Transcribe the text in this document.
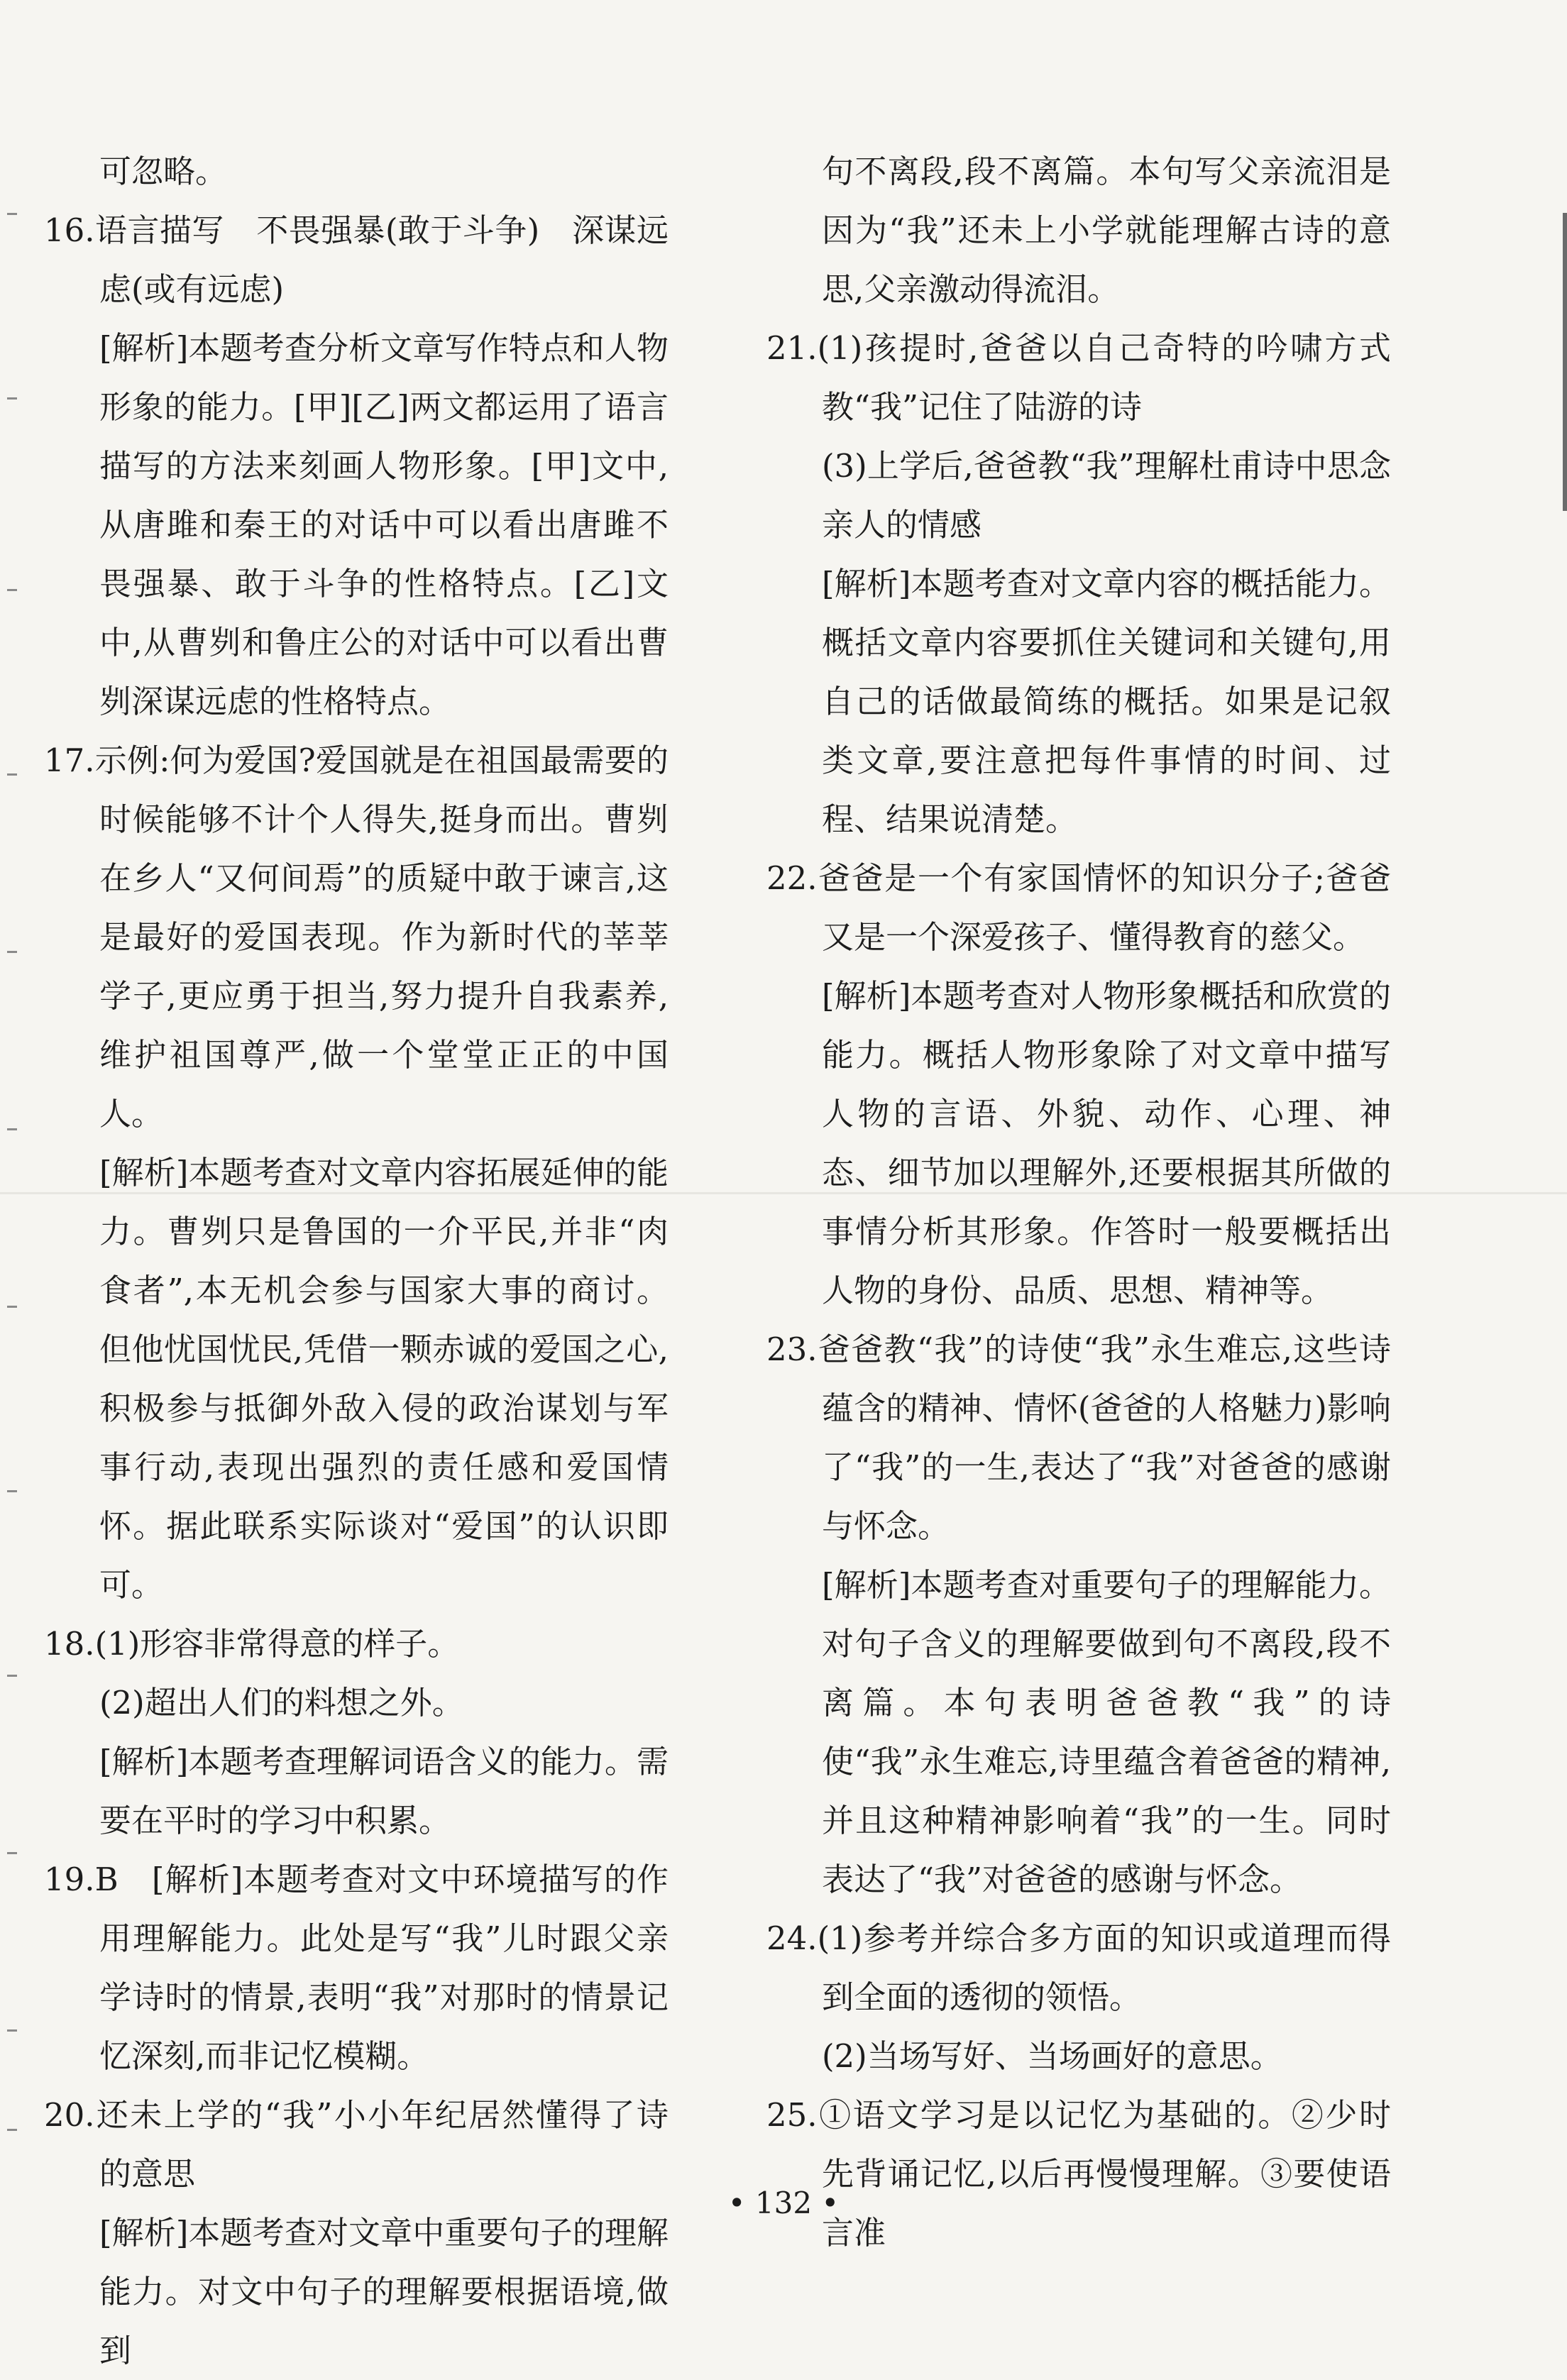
可忽略。

16.语言描写　不畏强暴(敢于斗争)　深谋远虑(或有远虑)

[解析]本题考查分析文章写作特点和人物形象的能力。[甲][乙]两文都运用了语言描写的方法来刻画人物形象。[甲]文中,从唐雎和秦王的对话中可以看出唐雎不畏强暴、敢于斗争的性格特点。[乙]文中,从曹刿和鲁庄公的对话中可以看出曹刿深谋远虑的性格特点。

17.示例:何为爱国?爱国就是在祖国最需要的时候能够不计个人得失,挺身而出。曹刿在乡人“又何间焉”的质疑中敢于谏言,这是最好的爱国表现。作为新时代的莘莘学子,更应勇于担当,努力提升自我素养,维护祖国尊严,做一个堂堂正正的中国人。

[解析]本题考查对文章内容拓展延伸的能力。曹刿只是鲁国的一介平民,并非“肉食者”,本无机会参与国家大事的商讨。但他忧国忧民,凭借一颗赤诚的爱国之心,积极参与抵御外敌入侵的政治谋划与军事行动,表现出强烈的责任感和爱国情怀。据此联系实际谈对“爱国”的认识即可。

18.(1)形容非常得意的样子。

(2)超出人们的料想之外。

[解析]本题考查理解词语含义的能力。需要在平时的学习中积累。

19.B　[解析]本题考查对文中环境描写的作用理解能力。此处是写“我”儿时跟父亲学诗时的情景,表明“我”对那时的情景记忆深刻,而非记忆模糊。

20.还未上学的“我”小小年纪居然懂得了诗的意思

[解析]本题考查对文章中重要句子的理解能力。对文中句子的理解要根据语境,做到

句不离段,段不离篇。本句写父亲流泪是因为“我”还未上小学就能理解古诗的意思,父亲激动得流泪。

21.(1)孩提时,爸爸以自己奇特的吟啸方式教“我”记住了陆游的诗

(3)上学后,爸爸教“我”理解杜甫诗中思念亲人的情感

[解析]本题考查对文章内容的概括能力。概括文章内容要抓住关键词和关键句,用自己的话做最简练的概括。如果是记叙类文章,要注意把每件事情的时间、过程、结果说清楚。

22.爸爸是一个有家国情怀的知识分子;爸爸又是一个深爱孩子、懂得教育的慈父。

[解析]本题考查对人物形象概括和欣赏的能力。概括人物形象除了对文章中描写人物的言语、外貌、动作、心理、神态、细节加以理解外,还要根据其所做的事情分析其形象。作答时一般要概括出人物的身份、品质、思想、精神等。

23.爸爸教“我”的诗使“我”永生难忘,这些诗蕴含的精神、情怀(爸爸的人格魅力)影响了“我”的一生,表达了“我”对爸爸的感谢与怀念。

[解析]本题考查对重要句子的理解能力。对句子含义的理解要做到句不离段,段不离篇。本句表明爸爸教“我”的诗使“我”永生难忘,诗里蕴含着爸爸的精神,并且这种精神影响着“我”的一生。同时表达了“我”对爸爸的感谢与怀念。

24.(1)参考并综合多方面的知识或道理而得到全面的透彻的领悟。

(2)当场写好、当场画好的意思。

25.①语文学习是以记忆为基础的。②少时先背诵记忆,以后再慢慢理解。③要使语言准

• 132 •
